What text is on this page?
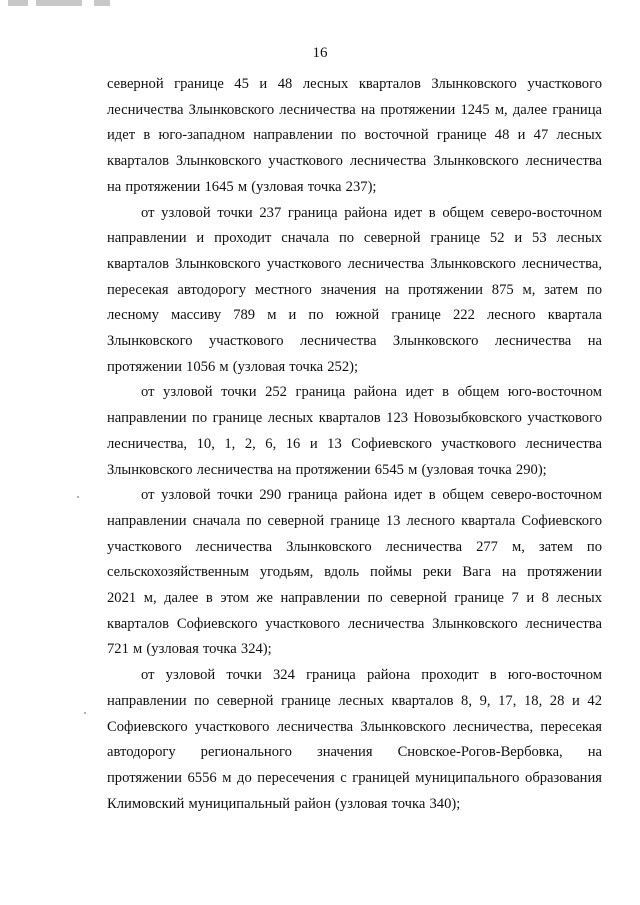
16
северной границе 45 и 48 лесных кварталов Злынковского участкового
лесничества Злынковского лесничества на протяжении 1245 м, далее граница
идет в юго-западном направлении по восточной границе 48 и 47 лесных
кварталов Злынковского участкового лесничества Злынковского лесничества
на протяжении 1645 м (узловая точка 237);
от узловой точки 237 граница района идет в общем северо-восточном
направлении и проходит сначала по северной границе 52 и 53 лесных
кварталов Злынковского участкового лесничества Злынковского лесничества,
пересекая автодорогу местного значения на протяжении 875 м, затем по
лесному массиву 789 м и по южной границе 222 лесного квартала
Злынковского участкового лесничества Злынковского лесничества на
протяжении 1056 м (узловая точка 252);
от узловой точки 252 граница района идет в общем юго-восточном
направлении по границе лесных кварталов 123 Новозыбковского участкового
лесничества, 10, 1, 2, 6, 16 и 13 Софиевского участкового лесничества
Злынковского лесничества на протяжении 6545 м (узловая точка 290);
от узловой точки 290 граница района идет в общем северо-восточном
направлении сначала по северной границе 13 лесного квартала Софиевского
участкового лесничества Злынковского лесничества 277 м, затем по
сельскохозяйственным угодьям, вдоль поймы реки Вага на протяжении
2021 м, далее в этом же направлении по северной границе 7 и 8 лесных
кварталов Софиевского участкового лесничества Злынковского лесничества
721 м (узловая точка 324);
от узловой точки 324 граница района проходит в юго-восточном
направлении по северной границе лесных кварталов 8, 9, 17, 18, 28 и 42
Софиевского участкового лесничества Злынковского лесничества, пересекая
автодорогу регионального значения Сновское-Рогов-Вербовка, на
протяжении 6556 м до пересечения с границей муниципального образования
Климовский муниципальный район (узловая точка 340);
